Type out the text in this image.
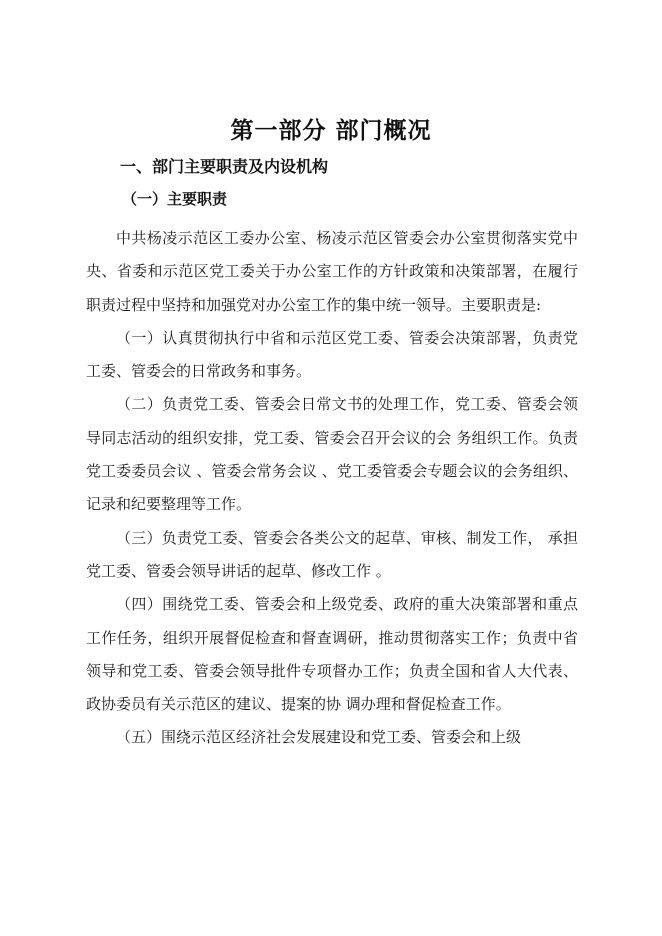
第一部分 部门概况
一、部门主要职责及内设机构
（一）主要职责

中共杨凌示范区工委办公室、杨凌示范区管委会办公室贯彻落实党中央、省委和示范区党工委关于办公室工作的方针政策和决策部署，在履行职责过程中坚持和加强党对办公室工作的集中统一领导。主要职责是:

（一）认真贯彻执行中省和示范区党工委、管委会决策部署，负责党工委、管委会的日常政务和事务。

（二）负责党工委、管委会日常文书的处理工作，党工委、管委会领导同志活动的组织安排，党工委、管委会召开会议的会 务组织工作。负责党工委委员会议 、管委会常务会议 、党工委管委会专题会议的会务组织、记录和纪要整理等工作。

（三）负责党工委、管委会各类公文的起草、审核、制发工作， 承担党工委、管委会领导讲话的起草、修改工作 。

（四）围绕党工委、管委会和上级党委、政府的重大决策部署和重点工作任务，组织开展督促检查和督查调研，推动贯彻落实工作；负责中省领导和党工委、管委会领导批件专项督办工作；负责全国和省人大代表、政协委员有关示范区的建议、提案的协 调办理和督促检查工作。

（五）围绕示范区经济社会发展建设和党工委、管委会和上级
